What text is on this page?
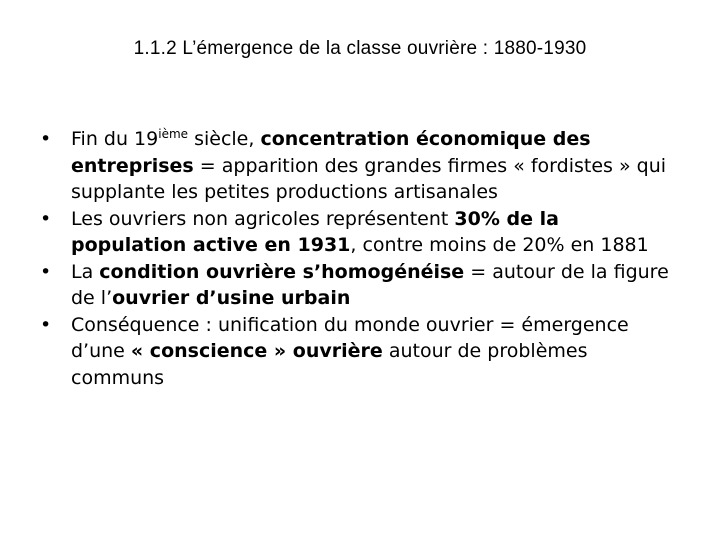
1.1.2 L’émergence de la classe ouvrière : 1880-1930
•
Fin du 19ième siècle, concentration économique des entreprises = apparition des grandes firmes « fordistes » qui supplante les petites productions artisanales
•
Les ouvriers non agricoles représentent 30% de la population active en 1931, contre moins de 20% en 1881
•
La condition ouvrière s’homogénéise = autour de la figure de l’ouvrier d’usine urbain
•
Conséquence : unification du monde ouvrier = émergence d’une « conscience » ouvrière autour de problèmes communs
